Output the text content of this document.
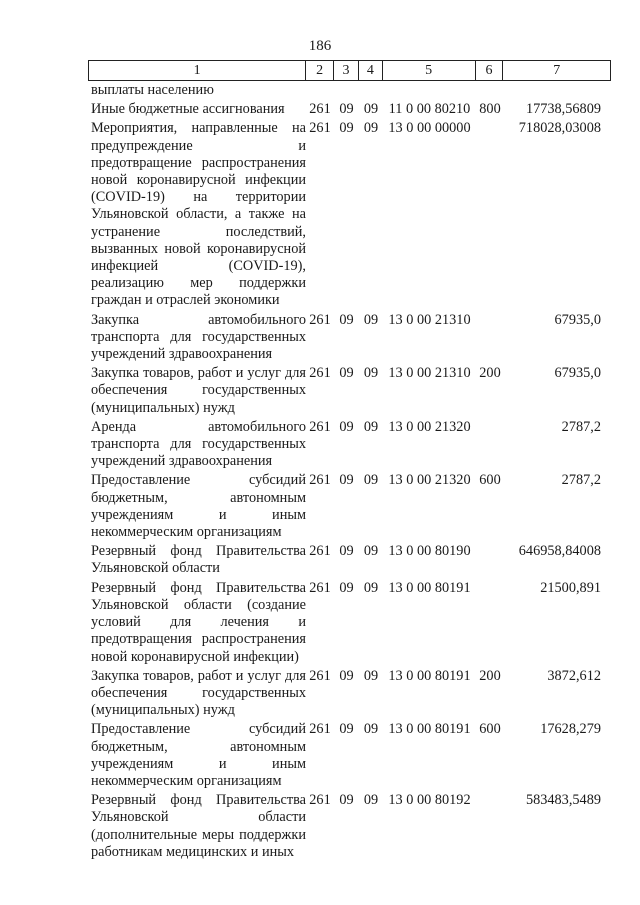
186
1	2	3	4	5	6	7
выплаты населению
Иные бюджетные ассигнования	261 09 09 11 0 00 80210 800	17738,56809
Мероприятия, направленные на предупреждение и предотвращение распространения новой коронавирусной инфекции (COVID-19) на территории Ульяновской области, а также на устранение последствий, вызванных новой коронавирусной инфекцией (COVID-19), реализацию мер поддержки граждан и отраслей экономики
261 09 09 13 0 00 00000	718028,03008
Закупка автомобильного транспорта для государственных учреждений здравоохранения
261 09 09 13 0 00 21310	67935,0
Закупка товаров, работ и услуг для обеспечения государственных (муниципальных) нужд
261 09 09 13 0 00 21310 200	67935,0
Аренда автомобильного транспорта для государственных учреждений здравоохранения
261 09 09 13 0 00 21320	2787,2
Предоставление субсидий бюджетным, автономным учреждениям и иным некоммерческим организациям
261 09 09 13 0 00 21320 600	2787,2
Резервный фонд Правительства Ульяновской области
261 09 09 13 0 00 80190	646958,84008
Резервный фонд Правительства Ульяновской области (создание условий для лечения и предотвращения распространения новой коронавирусной инфекции)
261 09 09 13 0 00 80191	21500,891
Закупка товаров, работ и услуг для обеспечения государственных (муниципальных) нужд
261 09 09 13 0 00 80191 200	3872,612
Предоставление субсидий бюджетным, автономным учреждениям и иным некоммерческим организациям
261 09 09 13 0 00 80191 600	17628,279
Резервный фонд Правительства Ульяновской области (дополнительные меры поддержки работникам медицинских и иных
261 09 09 13 0 00 80192	583483,5489
